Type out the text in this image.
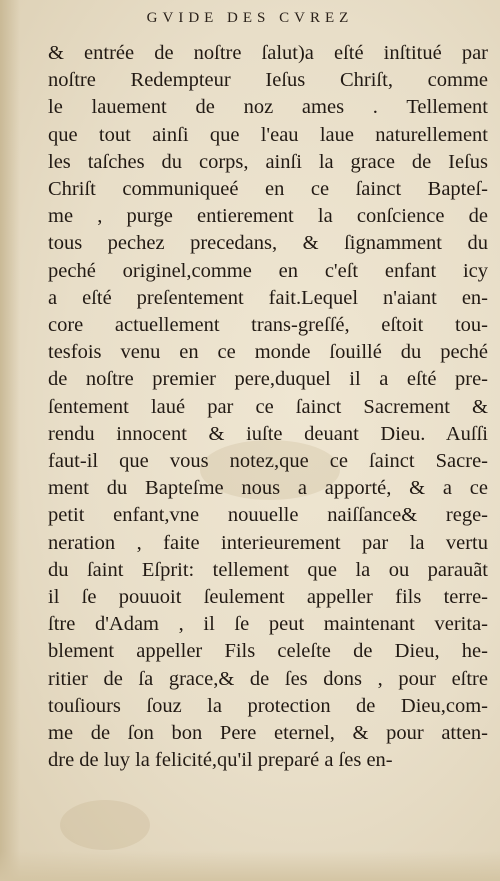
GVIDE DES CVREZ
& entrée de noſtre ſalut)a eſté inſtitué par
noſtre Redempteur Ieſus Chriſt, comme
le lauement de noz ames . Tellement
que tout ainſi que l'eau laue naturellement
les taſches du corps, ainſi la grace de Ieſus
Chriſt communiqueé en ce ſainct Bapteſ-
me , purge entierement la conſcience de
tous pechez precedans, & ſignamment du
peché originel,comme en c'eſt enfant icy
a eſté preſentement fait.Lequel n'aiant en-
core actuellement trans-greſſé, eſtoit tou-
tesfois venu en ce monde ſouillé du peché
de noſtre premier pere,duquel il a eſté pre-
ſentement laué par ce ſainct Sacrement &
rendu innocent & iuſte deuant Dieu. Auſſi
faut-il que vous notez,que ce ſainct Sacre-
ment du Bapteſme nous a apporté, & a ce
petit enfant,vne nouuelle naiſſance& rege-
neration , faite interieurement par la vertu
du ſaint Eſprit: tellement que la ou parauãt
il ſe pouuoit ſeulement appeller fils terre-
ſtre d'Adam , il ſe peut maintenant verita-
blement appeller Fils celeſte de Dieu, he-
ritier de ſa grace,& de ſes dons , pour eſtre
touſiours ſouz la protection de Dieu,com-
me de ſon bon Pere eternel, & pour atten-
dre de luy la felicité,qu'il preparé a ſes en-
